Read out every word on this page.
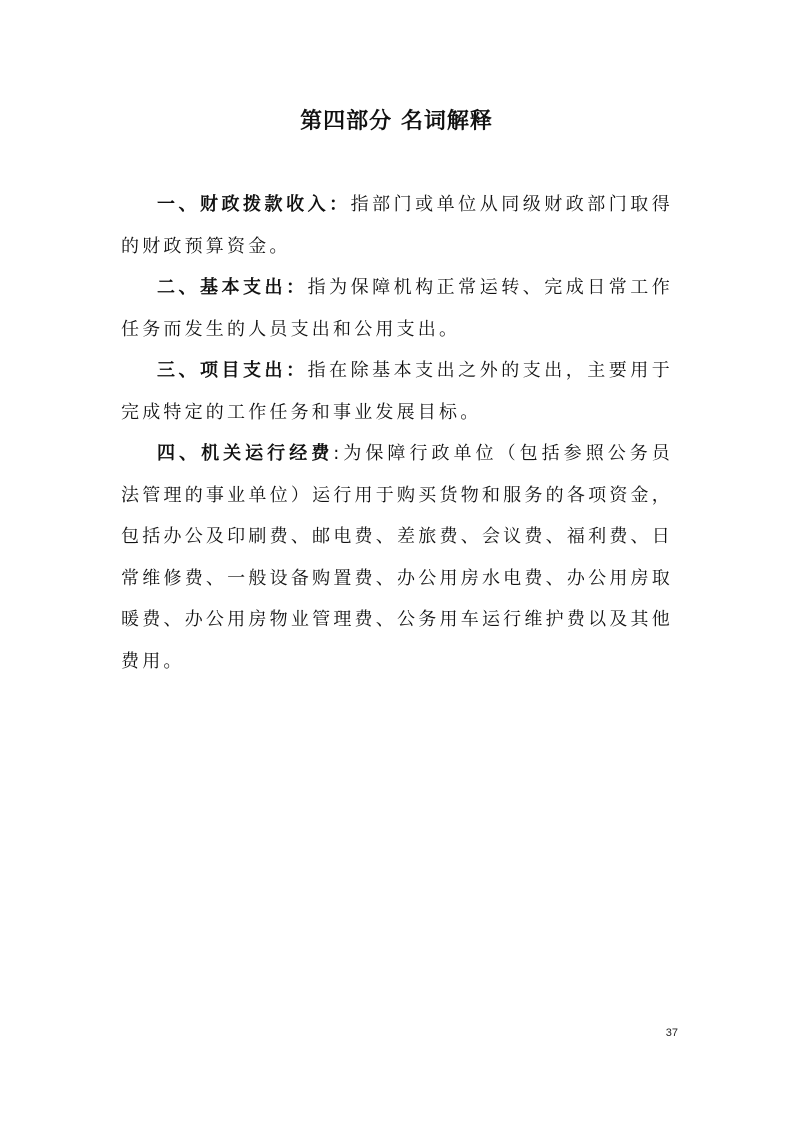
第四部分 名词解释

一、财政拨款收入：指部门或单位从同级财政部门取得的财政预算资金。

二、基本支出：指为保障机构正常运转、完成日常工作任务而发生的人员支出和公用支出。

三、项目支出：指在除基本支出之外的支出，主要用于完成特定的工作任务和事业发展目标。

四、机关运行经费:为保障行政单位（包括参照公务员法管理的事业单位）运行用于购买货物和服务的各项资金，包括办公及印刷费、邮电费、差旅费、会议费、福利费、日常维修费、一般设备购置费、办公用房水电费、办公用房取暖费、办公用房物业管理费、公务用车运行维护费以及其他费用。

37
